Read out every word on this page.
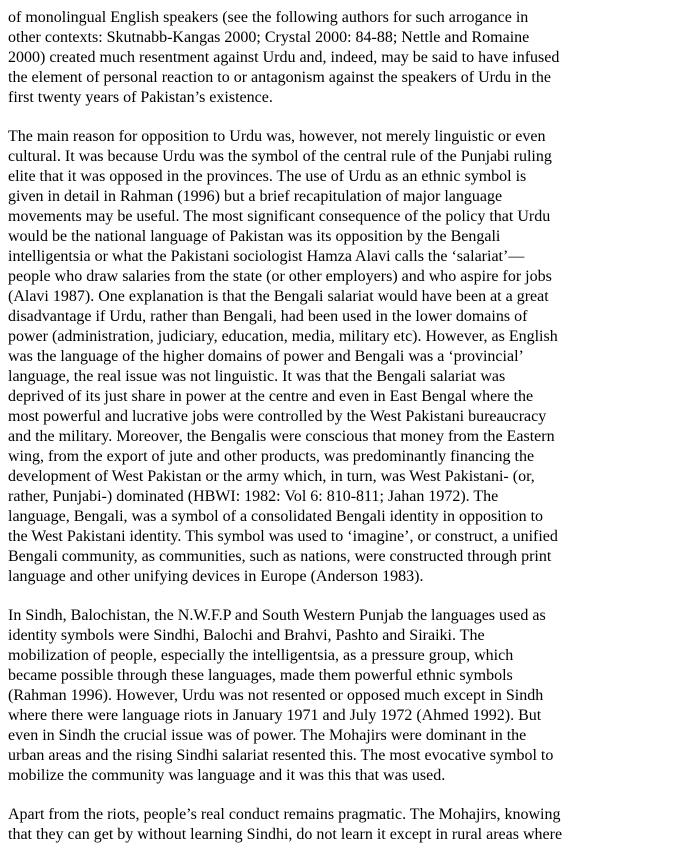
of monolingual English speakers (see the following authors for such arrogance in
other contexts: Skutnabb-Kangas 2000; Crystal 2000: 84-88; Nettle and Romaine
2000) created much resentment against Urdu and, indeed, may be said to have infused
the element of personal reaction to or antagonism against the speakers of Urdu in the
first twenty years of Pakistan’s existence.

The main reason for opposition to Urdu was, however, not merely linguistic or even
cultural. It was because Urdu was the symbol of the central rule of the Punjabi ruling
elite that it was opposed in the provinces. The use of Urdu as an ethnic symbol is
given in detail in Rahman (1996) but a brief recapitulation of major language
movements may be useful. The most significant consequence of the policy that Urdu
would be the national language of Pakistan was its opposition by the Bengali
intelligentsia or what the Pakistani sociologist Hamza Alavi calls the ‘salariat’—
people who draw salaries from the state (or other employers) and who aspire for jobs
(Alavi 1987). One explanation is that the Bengali salariat would have been at a great
disadvantage if Urdu, rather than Bengali, had been used in the lower domains of
power (administration, judiciary, education, media, military etc). However, as English
was the language of the higher domains of power and Bengali was a ‘provincial’
language, the real issue was not linguistic. It was that the Bengali salariat was
deprived of its just share in power at the centre and even in East Bengal where the
most powerful and lucrative jobs were controlled by the West Pakistani bureaucracy
and the military. Moreover, the Bengalis were conscious that money from the Eastern
wing, from the export of jute and other products, was predominantly financing the
development of West Pakistan or the army which, in turn, was West Pakistani- (or,
rather, Punjabi-) dominated (HBWI: 1982: Vol 6: 810-811; Jahan 1972). The
language, Bengali, was a symbol of a consolidated Bengali identity in opposition to
the West Pakistani identity. This symbol was used to ‘imagine’, or construct, a unified
Bengali community, as communities, such as nations, were constructed through print
language and other unifying devices in Europe (Anderson 1983).

In Sindh, Balochistan, the N.W.F.P and South Western Punjab the languages used as
identity symbols were Sindhi, Balochi and Brahvi, Pashto and Siraiki. The
mobilization of people, especially the intelligentsia, as a pressure group, which
became possible through these languages, made them powerful ethnic symbols
(Rahman 1996). However, Urdu was not resented or opposed much except in Sindh
where there were language riots in January 1971 and July 1972 (Ahmed 1992). But
even in Sindh the crucial issue was of power. The Mohajirs were dominant in the
urban areas and the rising Sindhi salariat resented this. The most evocative symbol to
mobilize the community was language and it was this that was used.

Apart from the riots, people’s real conduct remains pragmatic. The Mohajirs, knowing
that they can get by without learning Sindhi, do not learn it except in rural areas where
